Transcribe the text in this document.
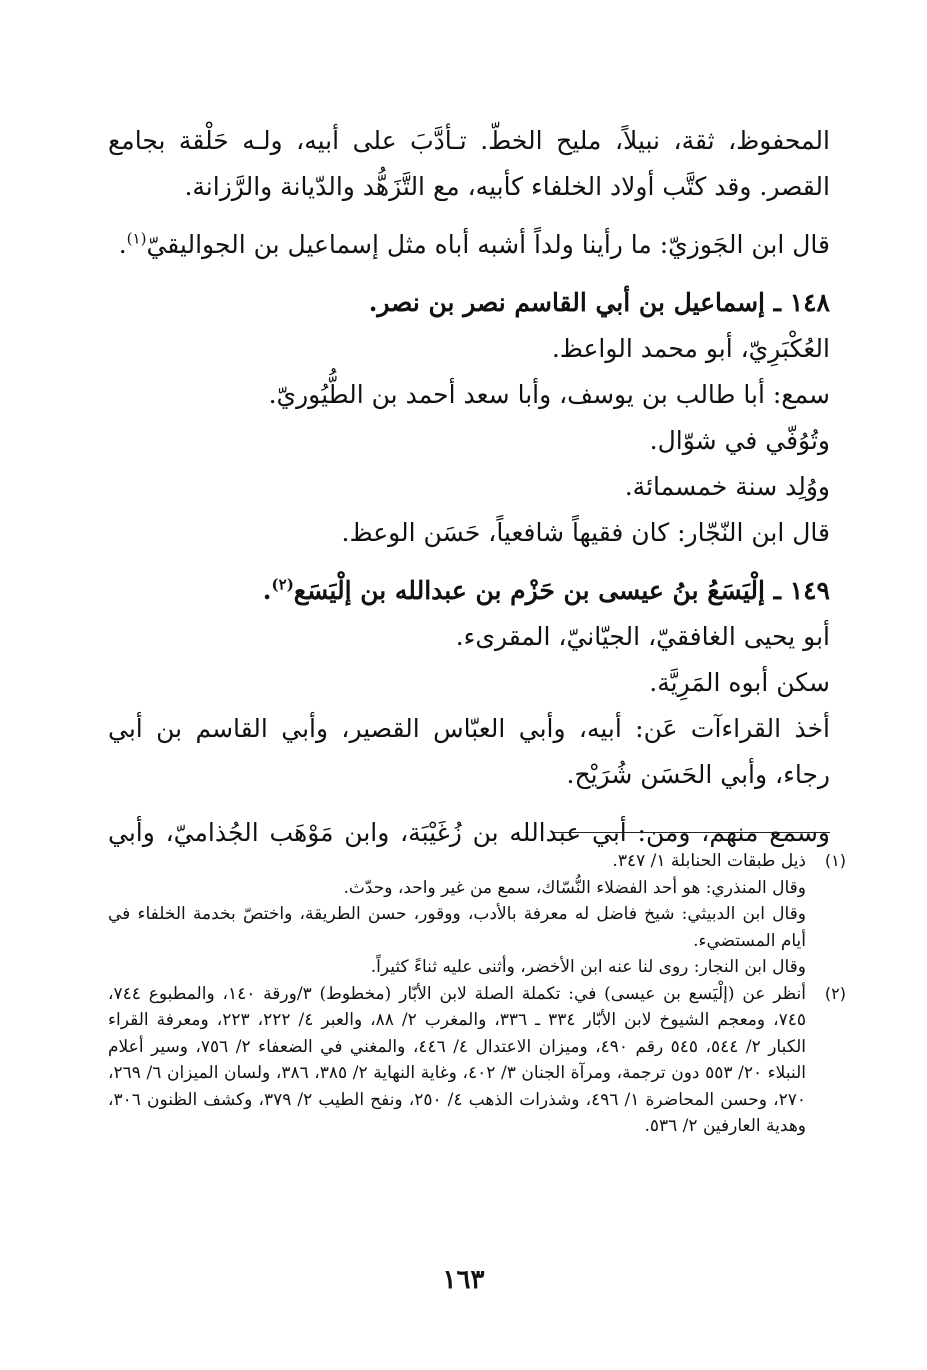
المحفوظ، ثقة، نبيلاً، مليح الخطّ. تـأدَّبَ على أبيه، ولـه حَلْقة بجامع

القصر. وقد كتَّب أولاد الخلفاء كأبيه، مع التَّزَهُّد والدّيانة والرَّزانة.

قال ابن الجَوزيّ: ما رأينا ولداً أشبه أباه مثل إسماعيل بن الجواليقيّ$^{(١)}$.

١٤٨ ـ إسماعيل بن أبي القاسم نصر بن نصر.

العُكْبَرِيّ، أبو محمد الواعظ.

سمع: أبا طالب بن يوسف، وأبا سعد أحمد بن الطُّيُوريّ.

وتُوُفّي في شوّال.

ووُلِد سنة خمسمائة.

قال ابن النّجّار: كان فقيهاً شافعياً، حَسَن الوعظ.

١٤٩ ـ إلْيَسَعُ بنُ عيسى بن حَزْم بن عبدالله بن إلْيَسَع$^{(٢)}$.

أبو يحيى الغافقيّ، الجيّانيّ، المقرىء.

سكن أبوه المَرِيَّة.

أخذ القراءآت عَن: أبيه، وأبي العبّاس القصير، وأبي القاسم بن أبي

رجاء، وأبي الحَسَن شُرَيْح.

وسمع منهم، ومن: أبي عبدالله بن زُغَيْبَة، وابن مَوْهَب الجُذاميّ، وأبي

(١)

ذيل طبقات الحنابلة ١/ ٣٤٧.

وقال المنذري: هو أحد الفضلاء النُّسّاك، سمع من غير واحد، وحدّث.

وقال ابن الدبيثي: شيخ فاضل له معرفة بالأدب، ووقور، حسن الطريقة، واختصّ بخدمة الخلفاء في أيام المستضيء.

وقال ابن النجار: روى لنا عنه ابن الأخضر، وأثنى عليه ثناءً كثيراً.

(٢)

أنظر عن (إلْيَسع بن عيسى) في: تكملة الصلة لابن الأبّار (مخطوط) ٣/ورقة ١٤٠، والمطبوع ٧٤٤، ٧٤٥، ومعجم الشيوخ لابن الأبّار ٣٣٤ ـ ٣٣٦، والمغرب ٢/ ٨٨، والعبر ٤/ ٢٢٢، ٢٢٣، ومعرفة القراء الكبار ٢/ ٥٤٤، ٥٤٥ رقم ٤٩٠، وميزان الاعتدال ٤/ ٤٤٦، والمغني في الضعفاء ٢/ ٧٥٦، وسير أعلام النبلاء ٢٠/ ٥٥٣ دون ترجمة، ومرآة الجنان ٣/ ٤٠٢، وغاية النهاية ٢/ ٣٨٥، ٣٨٦، ولسان الميزان ٦/ ٢٦٩، ٢٧٠، وحسن المحاضرة ١/ ٤٩٦، وشذرات الذهب ٤/ ٢٥٠، ونفح الطيب ٢/ ٣٧٩، وكشف الظنون ٣٠٦، وهدية العارفين ٢/ ٥٣٦.

١٦٣
